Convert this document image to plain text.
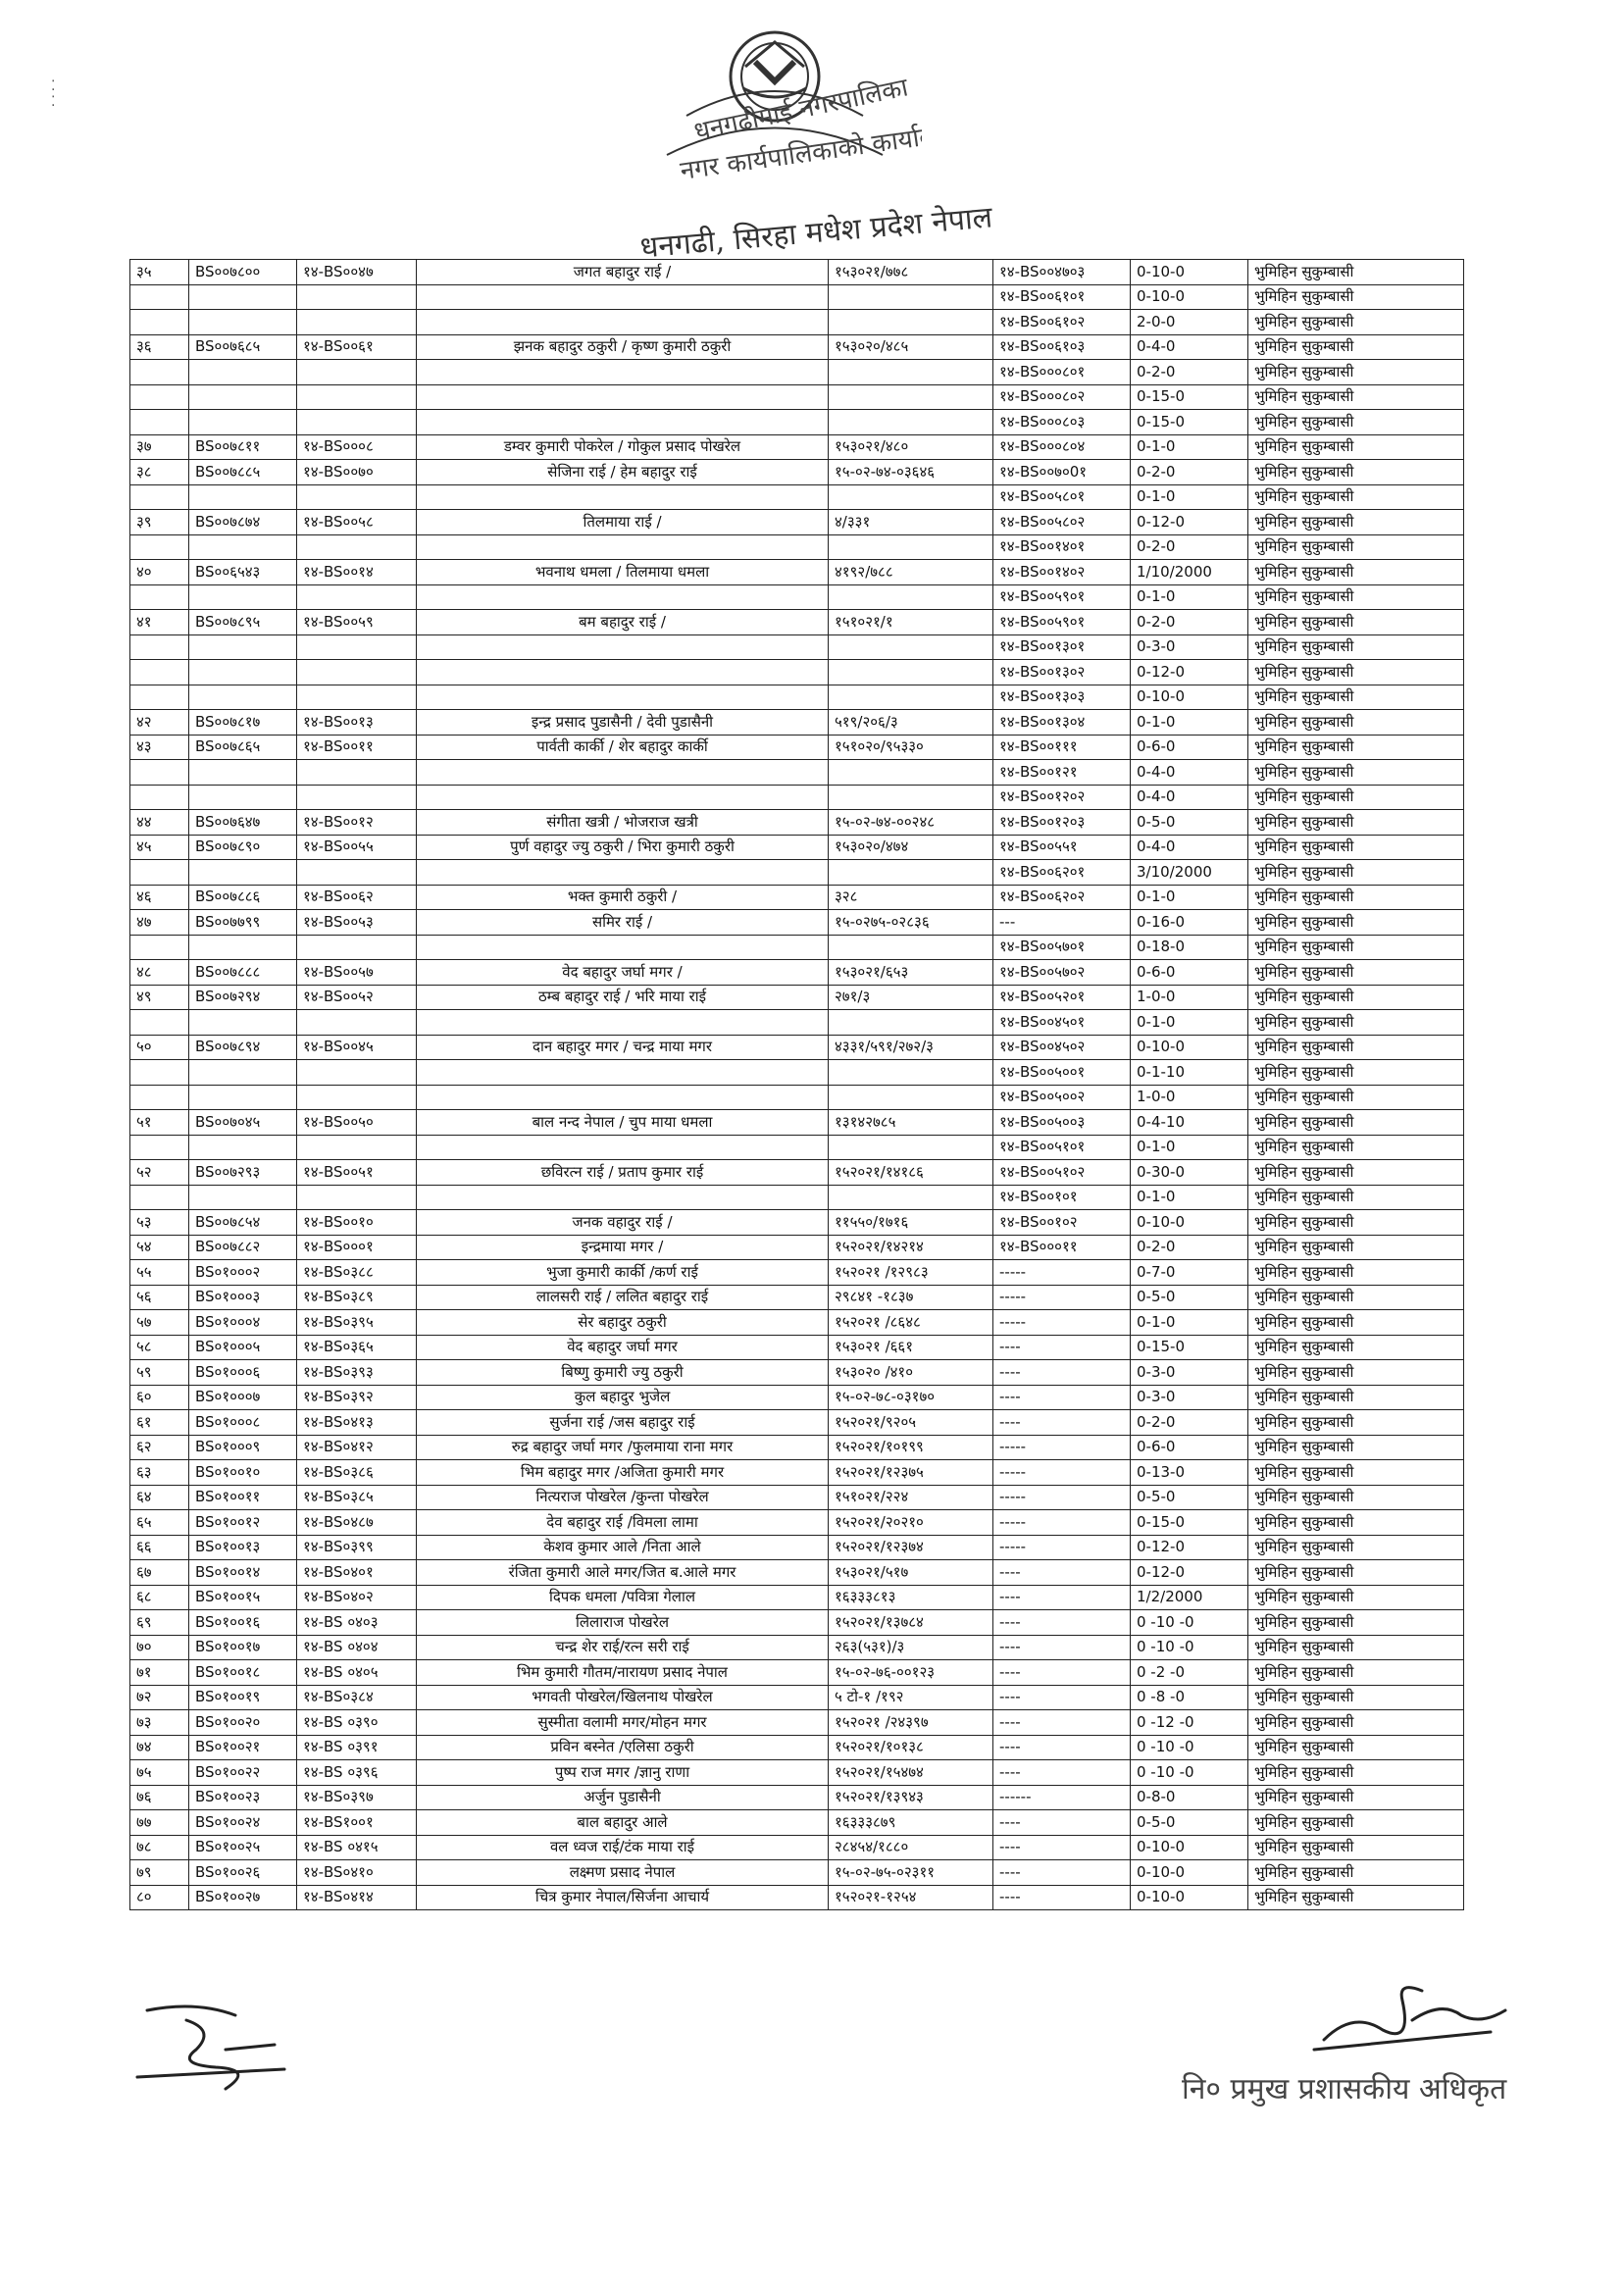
⁚
⁚	धनगढीमाई नगरपालिका
नगर कार्यपालिकाको कार्यालय
धनगढी, सिरहा मधेश प्रदेश नेपाल
३५	BS००७८००	१४-BS००४७	जगत बहादुर राई /	१५३०२१/७७८	१४-BS००४७०३	0-10-0	भुमिहिन सुकुम्बासी
					१४-BS००६१०१	0-10-0	भुमिहिन सुकुम्बासी
					१४-BS००६१०२	2-0-0	भुमिहिन सुकुम्बासी
३६	BS००७६८५	१४-BS००६१	झनक बहादुर ठकुरी / कृष्ण कुमारी ठकुरी	१५३०२०/४८५	१४-BS००६१०३	0-4-0	भुमिहिन सुकुम्बासी
					१४-BS०००८०१	0-2-0	भुमिहिन सुकुम्बासी
					१४-BS०००८०२	0-15-0	भुमिहिन सुकुम्बासी
					१४-BS०००८०३	0-15-0	भुमिहिन सुकुम्बासी
३७	BS००७८११	१४-BS०००८	डम्वर कुमारी पोकरेल / गोकुल प्रसाद पोखरेल	१५३०२१/४८०	१४-BS०००८०४	0-1-0	भुमिहिन सुकुम्बासी
३८	BS००७८८५	१४-BS००७०	सेजिना राई / हेम बहादुर राई	१५-०२-७४-०३६४६	१४-BS००७०0१	0-2-0	भुमिहिन सुकुम्बासी
					१४-BS००५८०१	0-1-0	भुमिहिन सुकुम्बासी
३९	BS००७८७४	१४-BS००५८	तिलमाया राई /	४/३३१	१४-BS००५८०२	0-12-0	भुमिहिन सुकुम्बासी
					१४-BS००१४०१	0-2-0	भुमिहिन सुकुम्बासी
४०	BS००६५४३	१४-BS००१४	भवनाथ धमला / तिलमाया धमला	४१९२/७८८	१४-BS००१४०२	1/10/2000	भुमिहिन सुकुम्बासी
					१४-BS००५९०१	0-1-0	भुमिहिन सुकुम्बासी
४१	BS००७८९५	१४-BS००५९	बम बहादुर राई /	१५१०२१/१	१४-BS००५९०१	0-2-0	भुमिहिन सुकुम्बासी
					१४-BS००१३०१	0-3-0	भुमिहिन सुकुम्बासी
					१४-BS००१३०२	0-12-0	भुमिहिन सुकुम्बासी
					१४-BS००१३०३	0-10-0	भुमिहिन सुकुम्बासी
४२	BS००७८१७	१४-BS००१३	इन्द्र प्रसाद पुडासैनी / देवी पुडासैनी	५१९/२०६/३	१४-BS००१३०४	0-1-0	भुमिहिन सुकुम्बासी
४३	BS००७८६५	१४-BS००११	पार्वती कार्की / शेर बहादुर कार्की	१५१०२०/९५३३०	१४-BS००१११	0-6-0	भुमिहिन सुकुम्बासी
					१४-BS००१२१	0-4-0	भुमिहिन सुकुम्बासी
					१४-BS००१२०२	0-4-0	भुमिहिन सुकुम्बासी
४४	BS००७६४७	१४-BS००१२	संगीता खत्री / भोजराज खत्री	१५-०२-७४-००२४८	१४-BS००१२०३	0-5-0	भुमिहिन सुकुम्बासी
४५	BS००७८९०	१४-BS००५५	पुर्ण वहादुर ज्यु ठकुरी / भिरा कुमारी ठकुरी	१५३०२०/४७४	१४-BS००५५१	0-4-0	भुमिहिन सुकुम्बासी
					१४-BS००६२०१	3/10/2000	भुमिहिन सुकुम्बासी
४६	BS००७८८६	१४-BS००६२	भक्त कुमारी ठकुरी /	३२८	१४-BS००६२०२	0-1-0	भुमिहिन सुकुम्बासी
४७	BS००७७९९	१४-BS००५३	समिर राई /	१५-०२७५-०२८३६	---	0-16-0	भुमिहिन सुकुम्बासी
					१४-BS००५७०१	0-18-0	भुमिहिन सुकुम्बासी
४८	BS००७८८८	१४-BS००५७	वेद बहादुर जर्घा मगर /	१५३०२१/६५३	१४-BS००५७०२	0-6-0	भुमिहिन सुकुम्बासी
४९	BS००७२९४	१४-BS००५२	ठम्ब बहादुर राई / भरि माया राई	२७१/३	१४-BS००५२०१	1-0-0	भुमिहिन सुकुम्बासी
					१४-BS००४५०१	0-1-0	भुमिहिन सुकुम्बासी
५०	BS००७८९४	१४-BS००४५	दान बहादुर मगर / चन्द्र माया मगर	४३३१/५९१/२७२/३	१४-BS००४५०२	0-10-0	भुमिहिन सुकुम्बासी
					१४-BS००५००१	0-1-10	भुमिहिन सुकुम्बासी
					१४-BS००५००२	1-0-0	भुमिहिन सुकुम्बासी
५१	BS००७०४५	१४-BS००५०	बाल नन्द नेपाल / चुप माया धमला	१३१४२७८५	१४-BS००५००३	0-4-10	भुमिहिन सुकुम्बासी
					१४-BS००५१०१	0-1-0	भुमिहिन सुकुम्बासी
५२	BS००७२९३	१४-BS००५१	छविरत्न राई / प्रताप कुमार राई	१५२०२१/१४१८६	१४-BS००५१०२	0-30-0	भुमिहिन सुकुम्बासी
					१४-BS००१०१	0-1-0	भुमिहिन सुकुम्बासी
५३	BS००७८५४	१४-BS००१०	जनक वहादुर राई /	११५५०/१७१६	१४-BS००१०२	0-10-0	भुमिहिन सुकुम्बासी
५४	BS००७८८२	१४-BS०००१	इन्द्रमाया मगर /	१५२०२१/१४२१४	१४-BS०००११	0-2-0	भुमिहिन सुकुम्बासी
५५	BS०१०००२	१४-BS०३८८	भुजा कुमारी कार्की /कर्ण राई	१५२०२१ /१२९८३	-----	0-7-0	भुमिहिन सुकुम्बासी
५६	BS०१०००३	१४-BS०३८९	लालसरी राई / ललित बहादुर राई	२९८४१ -१८३७	-----	0-5-0	भुमिहिन सुकुम्बासी
५७	BS०१०००४	१४-BS०३९५	सेर बहादुर ठकुरी	१५२०२१ /८६४८	-----	0-1-0	भुमिहिन सुकुम्बासी
५८	BS०१०००५	१४-BS०३६५	वेद बहादुर जर्घा मगर	१५३०२१ /६६१	----	0-15-0	भुमिहिन सुकुम्बासी
५९	BS०१०००६	१४-BS०३९३	बिष्णु कुमारी ज्यु ठकुरी	१५३०२० /४१०	----	0-3-0	भुमिहिन सुकुम्बासी
६०	BS०१०००७	१४-BS०३९२	कुल बहादुर भुजेल	१५-०२-७८-०३१७०	----	0-3-0	भुमिहिन सुकुम्बासी
६१	BS०१०००८	१४-BS०४१३	सुर्जना राई /जस बहादुर राई	१५२०२१/९२०५	----	0-2-0	भुमिहिन सुकुम्बासी
६२	BS०१०००९	१४-BS०४१२	रुद्र बहादुर जर्घा मगर /फुलमाया राना मगर	१५२०२१/१०१९९	-----	0-6-0	भुमिहिन सुकुम्बासी
६३	BS०१००१०	१४-BS०३८६	भिम बहादुर मगर /अजिता कुमारी मगर	१५२०२१/१२३७५	-----	0-13-0	भुमिहिन सुकुम्बासी
६४	BS०१००११	१४-BS०३८५	नित्यराज पोखरेल /कुन्ता पोखरेल	१५१०२१/२२४	-----	0-5-0	भुमिहिन सुकुम्बासी
६५	BS०१००१२	१४-BS०४८७	देव बहादुर राई /विमला लामा	१५२०२१/२०२१०	-----	0-15-0	भुमिहिन सुकुम्बासी
६६	BS०१००१३	१४-BS०३९९	केशव कुमार आले /निता आले	१५२०२१/१२३७४	-----	0-12-0	भुमिहिन सुकुम्बासी
६७	BS०१००१४	१४-BS०४०१	रंजिता कुमारी आले मगर/जित ब.आले मगर	१५३०२१/५१७	----	0-12-0	भुमिहिन सुकुम्बासी
६८	BS०१००१५	१४-BS०४०२	दिपक धमला /पवित्रा गेलाल	१६३३३८१३	----	1/2/2000	भुमिहिन सुकुम्बासी
६९	BS०१००१६	१४-BS ०४०३	लिलाराज पोखरेल	१५२०२१/१३७८४	----	0 -10 -0	भुमिहिन सुकुम्बासी
७०	BS०१००१७	१४-BS ०४०४	चन्द्र शेर राई/रत्न सरी राई	२६३(५३१)/३	----	0 -10 -0	भुमिहिन सुकुम्बासी
७१	BS०१००१८	१४-BS ०४०५	भिम कुमारी गौतम/नारायण प्रसाद नेपाल	१५-०२-७६-००१२३	----	0 -2 -0	भुमिहिन सुकुम्बासी
७२	BS०१००१९	१४-BS०३८४	भगवती पोखरेल/खिलनाथ पोखरेल	५ टो-१ /१९२	----	0 -8 -0	भुमिहिन सुकुम्बासी
७३	BS०१००२०	१४-BS ०३९०	सुस्मीता वलामी मगर/मोहन मगर	१५२०२१ /२४३९७	----	0 -12 -0	भुमिहिन सुकुम्बासी
७४	BS०१००२१	१४-BS ०३९१	प्रविन बस्नेत /एलिसा ठकुरी	१५२०२१/१०१३८	----	0 -10 -0	भुमिहिन सुकुम्बासी
७५	BS०१००२२	१४-BS ०३९६	पुष्प राज मगर /ज्ञानु राणा	१५२०२१/१५४७४	----	0 -10 -0	भुमिहिन सुकुम्बासी
७६	BS०१००२३	१४-BS०३९७	अर्जुन पुडासैनी	१५२०२१/१३९४३	------	0-8-0	भुमिहिन सुकुम्बासी
७७	BS०१००२४	१४-BS१००१	बाल बहादुर आले	१६३३३८७९	----	0-5-0	भुमिहिन सुकुम्बासी
७८	BS०१००२५	१४-BS ०४१५	वल ध्वज राई/टंक माया राई	२८४५४/१८८०	----	0-10-0	भुमिहिन सुकुम्बासी
७९	BS०१००२६	१४-BS०४१०	लक्ष्मण प्रसाद नेपाल	१५-०२-७५-०२३११	----	0-10-0	भुमिहिन सुकुम्बासी
८०	BS०१००२७	१४-BS०४१४	चित्र कुमार नेपाल/सिर्जना आचार्य	१५२०२१-१२५४	----	0-10-0	भुमिहिन सुकुम्बासी
नि० प्रमुख प्रशासकीय अधिकृत
